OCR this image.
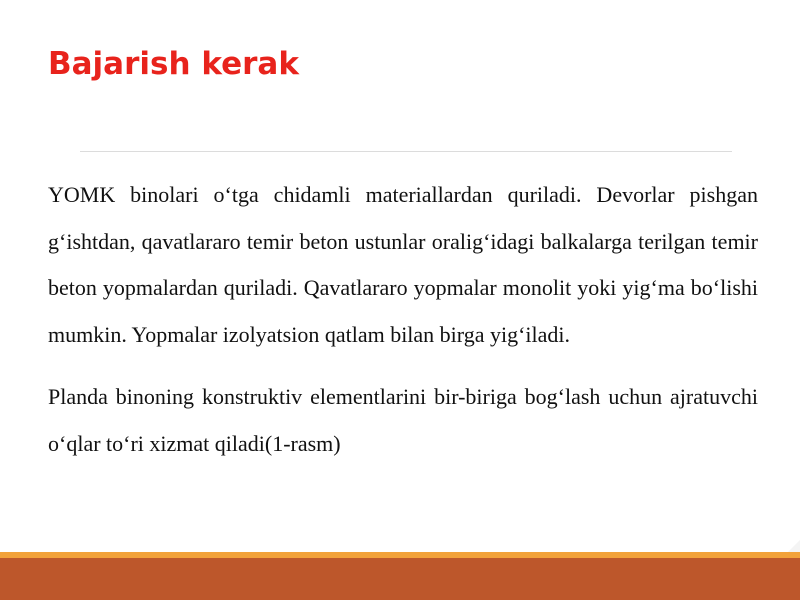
Bajarish kerak

YOMK binolari o‘tga chidamli materiallardan quriladi. Devorlar pishgan g‘ishtdan, qavatlararo temir beton ustunlar oralig‘idagi balkalarga terilgan temir beton yopmalardan quriladi. Qavatlararo yopmalar monolit yoki yig‘ma bo‘lishi mumkin. Yopmalar izolyatsion qatlam bilan birga yig‘iladi.

Planda binoning konstruktiv elementlarini bir-biriga bog‘lash uchun ajratuvchi o‘qlar to‘ri xizmat qiladi(1-rasm)
